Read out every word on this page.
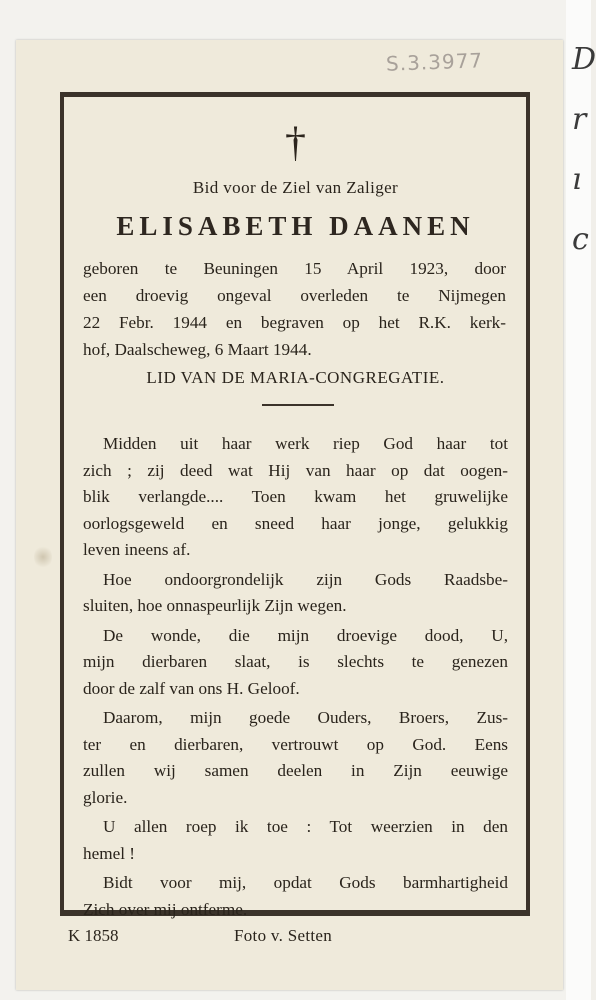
D
r
ı
c
S.3.3977
†
Bid voor de Ziel van Zaliger
ELISABETH DAANEN
geboren te Beuningen 15 April 1923, door
een droevig ongeval overleden te Nijmegen
22 Febr. 1944 en begraven op het R.K. kerk-
hof, Daalscheweg, 6 Maart 1944.
LID VAN DE MARIA-CONGREGATIE.
Midden uit haar werk riep God haar tot
zich ; zij deed wat Hij van haar op dat oogen-
blik verlangde.... Toen kwam het gruwelijke
oorlogsgeweld en sneed haar jonge, gelukkig
leven ineens af.
Hoe ondoorgrondelijk zijn Gods Raadsbe-
sluiten, hoe onnaspeurlijk Zijn wegen.
De wonde, die mijn droevige dood, U,
mijn dierbaren slaat, is slechts te genezen
door de zalf van ons H. Geloof.
Daarom, mijn goede Ouders, Broers, Zus-
ter en dierbaren, vertrouwt op God. Eens
zullen wij samen deelen in Zijn eeuwige
glorie.
U allen roep ik toe : Tot weerzien in den
hemel !
Bidt voor mij, opdat Gods barmhartigheid
Zich over mij ontferme.
K 1858	Foto v. Setten
